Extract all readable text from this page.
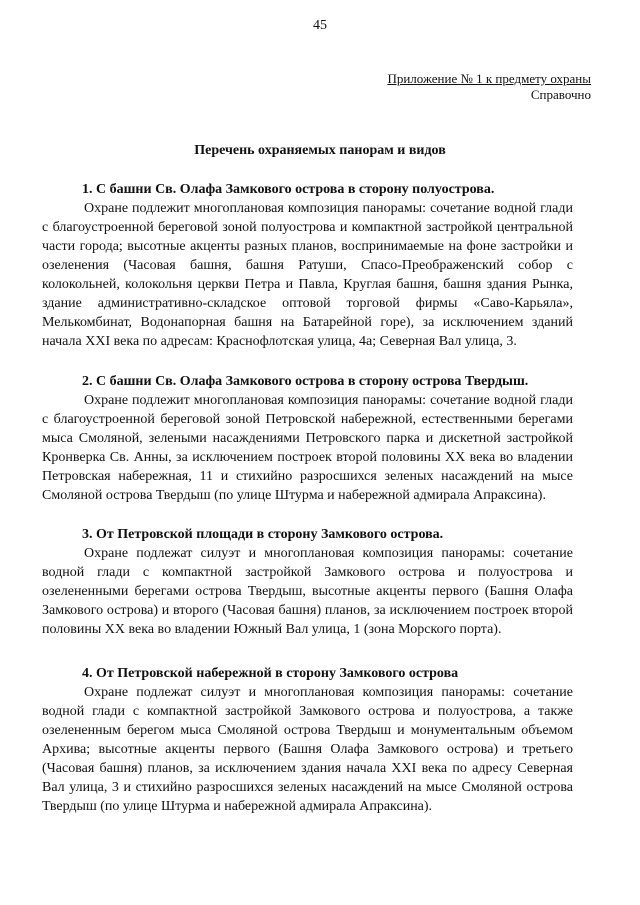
45
Приложение № 1 к предмету охраны
Справочно
Перечень охраняемых панорам и видов

1. С башни Св. Олафа Замкового острова в сторону полуострова.

Охране подлежит многоплановая композиция панорамы: сочетание водной глади с благоустроенной береговой зоной полуострова и компактной застройкой центральной части города; высотные акценты разных планов, воспринимаемые на фоне застройки и озеленения (Часовая башня, башня Ратуши, Спасо-Преображенский собор с колокольней, колокольня церкви Петра и Павла, Круглая башня, башня здания Рынка, здание административно-складское оптовой торговой фирмы «Саво-Карьяла», Мелькомбинат, Водонапорная башня на Батарейной горе), за исключением зданий начала XXI века по адресам: Краснофлотская улица, 4а; Северная Вал улица, 3.

2. С башни Св. Олафа Замкового острова в сторону острова Твердыш.

Охране подлежит многоплановая композиция панорамы: сочетание водной глади с благоустроенной береговой зоной Петровской набережной, естественными берегами мыса Смоляной, зелеными насаждениями Петровского парка и дискетной застройкой Кронверка Св. Анны, за исключением построек второй половины XX века во владении Петровская набережная, 11 и стихийно разросшихся зеленых насаждений на мысе Смоляной острова Твердыш (по улице Штурма и набережной адмирала Апраксина).

3. От Петровской площади в сторону Замкового острова.

Охране подлежат силуэт и многоплановая композиция панорамы: сочетание водной глади с компактной застройкой Замкового острова и полуострова и озелененными берегами острова Твердыш, высотные акценты первого (Башня Олафа Замкового острова) и второго (Часовая башня) планов, за исключением построек второй половины XX века во владении Южный Вал улица, 1 (зона Морского порта).

4. От Петровской набережной в сторону Замкового острова

Охране подлежат силуэт и многоплановая композиция панорамы: сочетание водной глади с компактной застройкой Замкового острова и полуострова, а также озелененным берегом мыса Смоляной острова Твердыш и монументальным объемом Архива; высотные акценты первого (Башня Олафа Замкового острова) и третьего (Часовая башня) планов, за исключением здания начала XXI века по адресу Северная Вал улица, 3 и стихийно разросшихся зеленых насаждений на мысе Смоляной острова Твердыш (по улице Штурма и набережной адмирала Апраксина).
